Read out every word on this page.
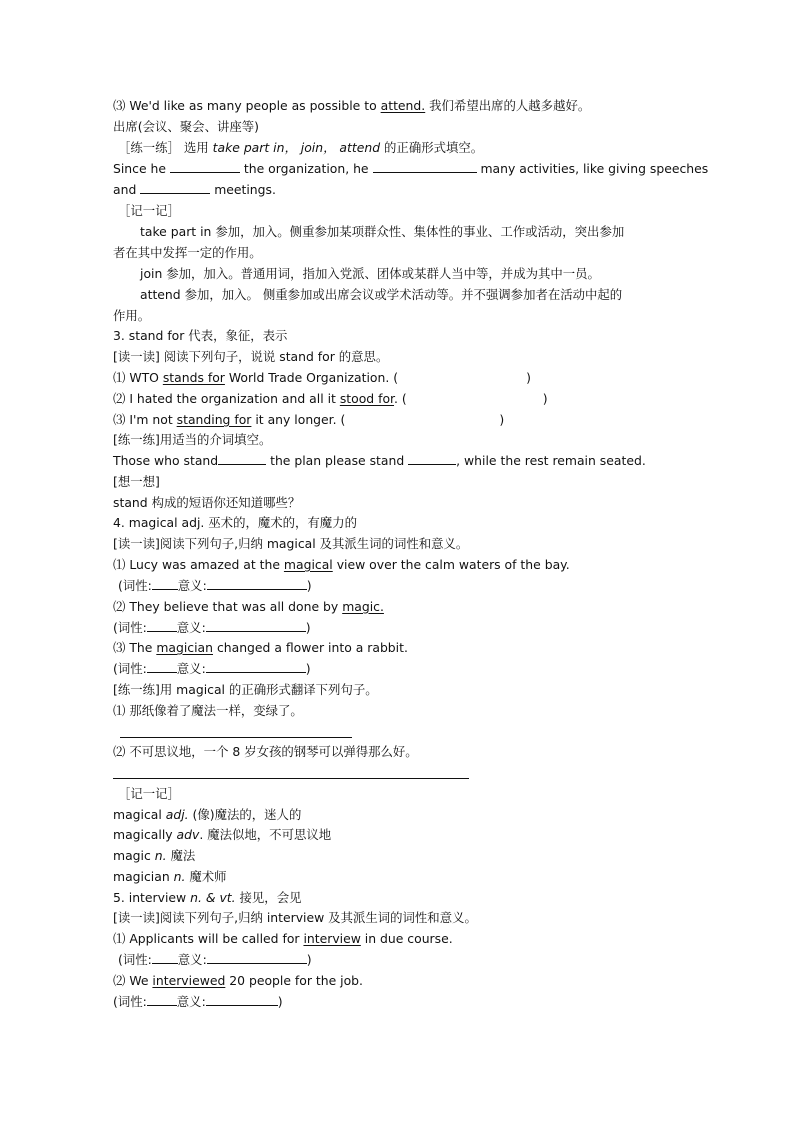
⑶ We'd like as many people as possible to attend. 我们希望出席的人越多越好。
出席(会议、聚会、讲座等)
［练一练］ 选用 take part in， join， attend 的正确形式填空。
Since he	the organization, he	many activities, like giving speeches
and	meetings.
［记一记］
take part in 参加，加入。侧重参加某项群众性、集体性的事业、工作或活动，突出参加
者在其中发挥一定的作用。
join 参加，加入。普通用词，指加入党派、团体或某群人当中等，并成为其中一员。
attend 参加，加入。 侧重参加或出席会议或学术活动等。并不强调参加者在活动中起的
作用。
3. stand for 代表，象征，表示
[读一读] 阅读下列句子，说说 stand for 的意思。
⑴ WTO stands for World Trade Organization. (	)
⑵ I hated the organization and all it stood for. (	)
⑶ I'm not standing for it any longer. (	)
[练一练]用适当的介词填空。
Those who stand	the plan please stand	, while the rest remain seated.
[想一想]
stand 构成的短语你还知道哪些？
4. magical adj. 巫术的，魔术的，有魔力的
[读一读]阅读下列句子,归纳 magical 及其派生词的词性和意义。
⑴ Lucy was amazed at the magical view over the calm waters of the bay.
(词性: 意义:	)
⑵ They believe that was all done by magic.
(词性: 意义:	)
⑶ The magician changed a flower into a rabbit.
(词性: 意义:	)
[练一练]用 magical 的正确形式翻译下列句子。
⑴ 那纸像着了魔法一样，变绿了。
⑵ 不可思议地，一个 8 岁女孩的钢琴可以弹得那么好。
［记一记］
magical adj. (像)魔法的，迷人的
magically adv. 魔法似地，不可思议地
magic n. 魔法
magician n. 魔术师
5. interview n. & vt. 接见，会见
[读一读]阅读下列句子,归纳 interview 及其派生词的词性和意义。
⑴ Applicants will be called for interview in due course.
(词性: 意义:	)
⑵ We interviewed 20 people for the job.
(词性: 意义:	)
